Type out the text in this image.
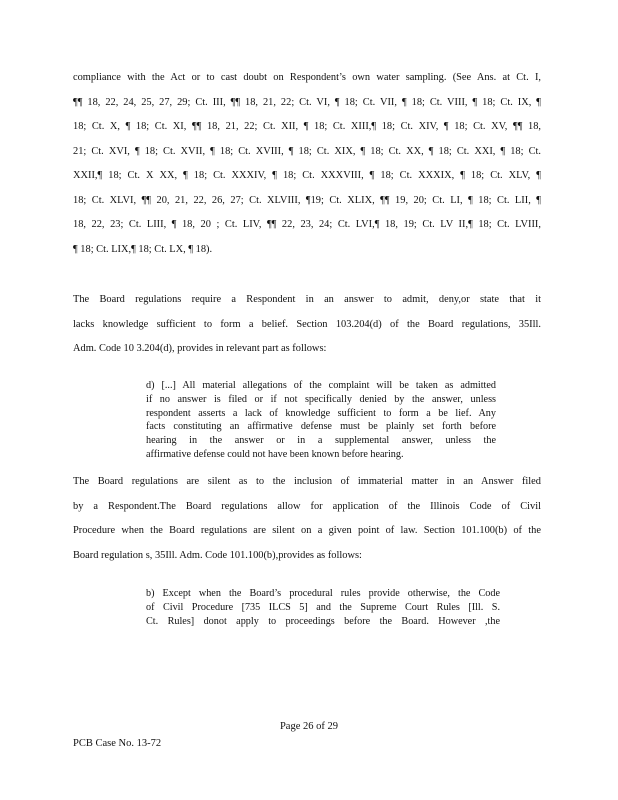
compliance with the Act or to cast doubt on Respondent’s own water sampling. (See Ans. at Ct. I,
¶¶ 18, 22, 24, 25, 27, 29; Ct. III, ¶¶ 18, 21, 22; Ct. VI, ¶ 18; Ct. VII, ¶ 18; Ct. VIII, ¶ 18; Ct. IX, ¶
18; Ct. X, ¶ 18; Ct. XI, ¶¶ 18, 21, 22; Ct. XII, ¶ 18; Ct. XIII,¶ 18; Ct. XIV, ¶ 18; Ct. XV, ¶¶ 18,
21; Ct. XVI, ¶ 18; Ct. XVII, ¶ 18; Ct. XVIII, ¶ 18; Ct. XIX, ¶ 18; Ct. XX, ¶ 18; Ct. XXI, ¶ 18; Ct.
XXII,¶ 18; Ct. X XX, ¶ 18; Ct. XXXIV, ¶ 18; Ct. XXXVIII, ¶ 18; Ct. XXXIX, ¶ 18; Ct. XLV, ¶
18; Ct. XLVI, ¶¶ 20, 21, 22, 26, 27; Ct. XLVIII, ¶19; Ct. XLIX, ¶¶ 19, 20; Ct. LI, ¶ 18; Ct. LII, ¶
18, 22, 23; Ct. LIII, ¶ 18, 20 ; Ct. LIV, ¶¶ 22, 23, 24; Ct. LVI,¶ 18, 19; Ct. LV II,¶ 18; Ct. LVIII,
¶ 18; Ct. LIX,¶ 18; Ct. LX, ¶ 18).
The Board regulations require a Respondent in an answer to admit, deny,or state that it
lacks knowledge sufficient to form a belief. Section 103.204(d) of the Board regulations, 35Ill.
Adm. Code 10 3.204(d), provides in relevant part as follows:
d) [...] All material allegations of the complaint will be taken as admitted
if no answer is filed or if not specifically denied by the answer, unless
respondent asserts a lack of knowledge sufficient to form a be lief. Any
facts constituting an affirmative defense must be plainly set forth before
hearing in the answer or in a supplemental answer, unless the
affirmative defense could not have been known before hearing.
The Board regulations are silent as to the inclusion of immaterial matter in an Answer filed
by a Respondent.The Board regulations allow for application of the Illinois Code of Civil
Procedure when the Board regulations are silent on a given point of law. Section 101.100(b) of the
Board regulation s, 35Ill. Adm. Code 101.100(b),provides as follows:
b) Except when the Board’s procedural rules provide otherwise, the Code
of Civil Procedure [735 ILCS 5] and the Supreme Court Rules [Ill. S.
Ct. Rules] donot apply to proceedings before the Board. However ,the
Page 26 of 29
PCB Case No. 13-72
